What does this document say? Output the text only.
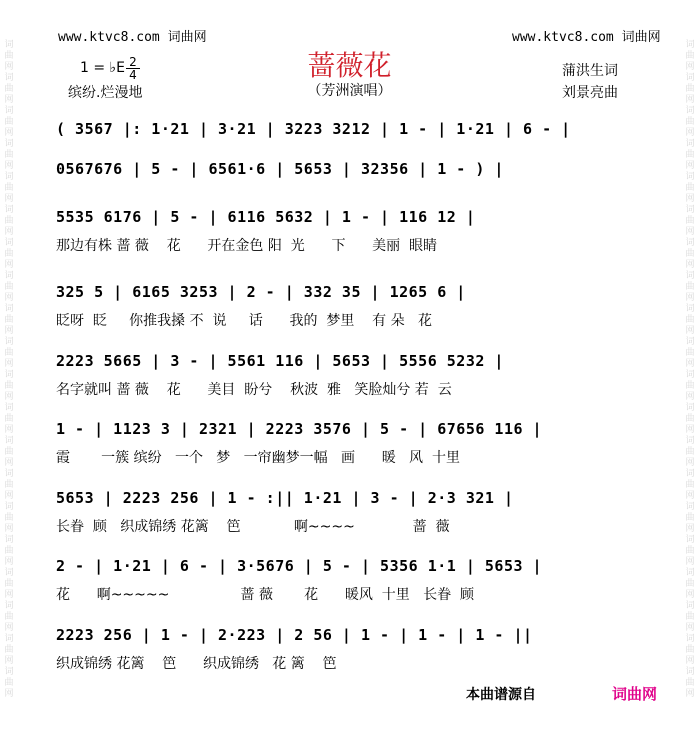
词曲网词曲网词曲网词曲网词曲网词曲网词曲网词曲网词曲网词曲网词曲网词曲网词曲网词曲网词曲网词曲网词曲网词曲网词曲网词曲网
词曲网词曲网词曲网词曲网词曲网词曲网词曲网词曲网词曲网词曲网词曲网词曲网词曲网词曲网词曲网词曲网词曲网词曲网词曲网词曲网
www.ktvc8.com 词曲网	www.ktvc8.com 词曲网
蔷薇花
（芳洲演唱）
1 = ♭E 2
4
缤纷.烂漫地
蒲洪生词
刘景亮曲
( 3567 |: 1·21 | 3·21 | 3223 3212 | 1 - | 1·21 | 6 - |
0567676 | 5 - | 6561·6 | 5653 | 32356 | 1 - ) |
5535 6176 | 5 - | 6116 5632 | 1 - | 116 12 |
那边有株 蔷 薇    花      开在金色 阳  光      下      美丽  眼睛
325 5 | 6165 3253 | 2 - | 332 35 | 1265 6 |
眨呀  眨     你推我搡 不  说     话      我的  梦里    有 朵   花
2223 5665 | 3 - | 5561 116 | 5653 | 5556 5232 |
名字就叫 蔷 薇    花      美目  盼兮    秋波  雅   笑脸灿兮 若  云
1 - | 1123 3 | 2321 | 2223 3576 | 5 - | 67656 116 |
霞       一簇 缤纷   一个   梦   一帘幽梦一幅   画      暖   风  十里
5653 | 2223 256 | 1 - :|| 1·21 | 3 - | 2·3 321 |
长眷  顾   织成锦绣 花篱    笆            啊~~~~             蔷  薇
2 - | 1·21 | 6 - | 3·5676 | 5 - | 5356 1·1 | 5653 |
花      啊~~~~~                蔷 薇       花      暖风  十里   长眷  顾
2223 256 | 1 - | 2·223 | 2 56 | 1 - | 1 - | 1 - ||
织成锦绣 花篱    笆      织成锦绣   花 篱    笆
本曲谱源自	词曲网
